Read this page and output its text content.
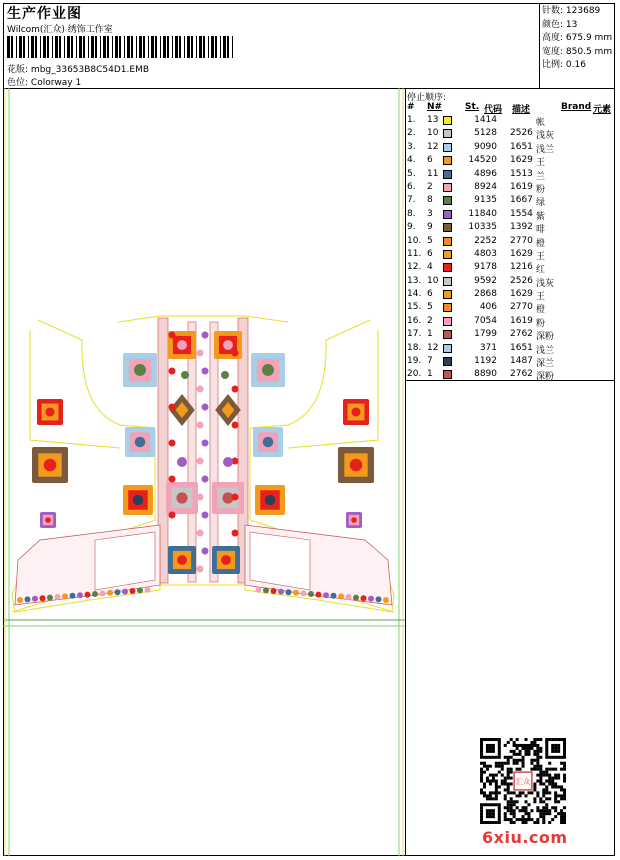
生产作业图
Wilcom(汇众) 绣饰工作室
花版: mbg_33653B8C54D1.EMB
色位: Colorway 1
针数: 123689
颜色: 13
高度: 675.9 mm
宽度: 850.5 mm
比例: 0.16
停止顺序:
# N#	St. 代码 描述	Brand 元素
1. 13	1414	帐
2. 10	5128 2526 浅灰
3. 12	9090 1651 浅兰
4. 6	14520 1629 王
5. 11	4896 1513 兰
6. 2	8924 1619 粉
7. 8	9135 1667 绿
8. 3	11840 1554 紫
9. 9	10335 1392 啡
10. 5	2252 2770 橙
11. 6	4803 1629 王
12. 4	9178 1216 红
13. 10	9592 2526 浅灰
14. 6	2868 1629 王
15. 5	406 2770 橙
16. 2	7054 1619 粉
17. 1	1799 2762 深粉
18. 12	371 1651 浅兰
19. 7	1192 1487 深兰
20. 1	8890 2762 深粉
汇众
6xiu.com
